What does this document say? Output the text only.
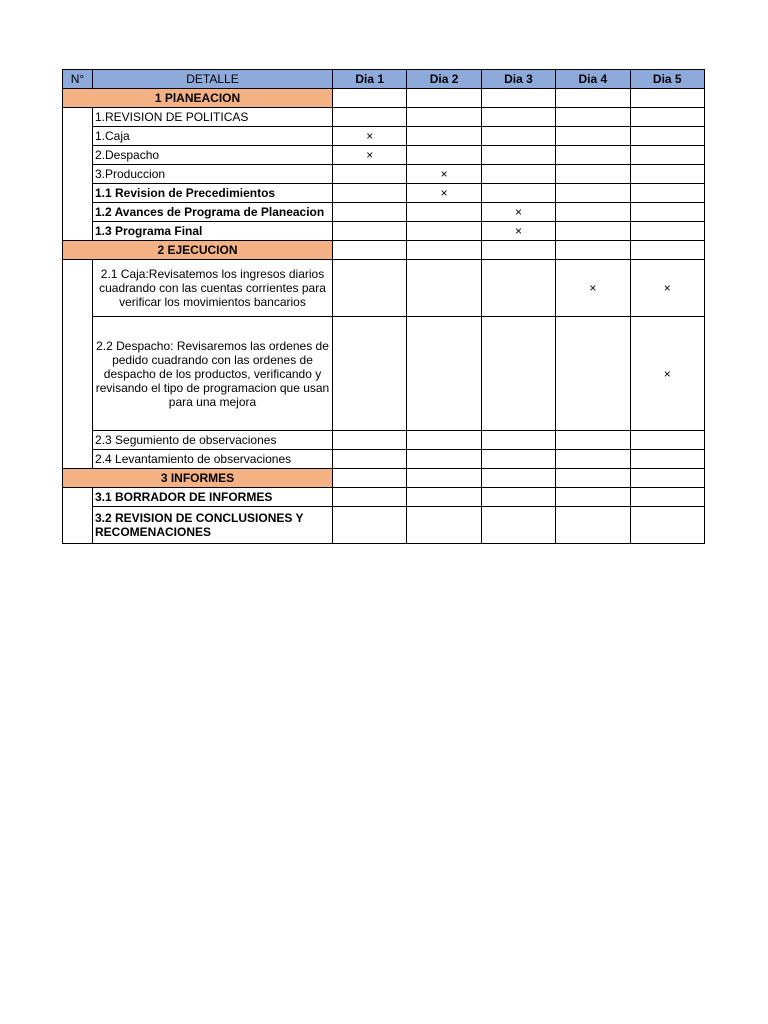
N°	DETALLE	Dia 1	Dia 2	Dia 3	Dia 4	Dia 5
1 PlANEACION						
	1.REVISION DE POLITICAS					
	1.Caja	×				
	2.Despacho	×				
	3.Produccion		×			
	1.1 Revision de Precedimientos		×			
	1.2 Avances de Programa de Planeacion			×		
	1.3 Programa Final			×		
2 EJECUCION						
	2.1 Caja:Revisatemos los ingresos diarios cuadrando con las cuentas corrientes para verificar los movimientos bancarios				×	×
	2.2 Despacho: Revisaremos las ordenes de pedido cuadrando con las ordenes de despacho de los productos, verificando y revisando el tipo de programacion que usan para una mejora					×
	2.3 Segumiento de observaciones					
	2.4 Levantamiento de observaciones					
3 INFORMES						
	3.1 BORRADOR DE INFORMES					
	3.2 REVISION DE CONCLUSIONES Y RECOMENACIONES					
